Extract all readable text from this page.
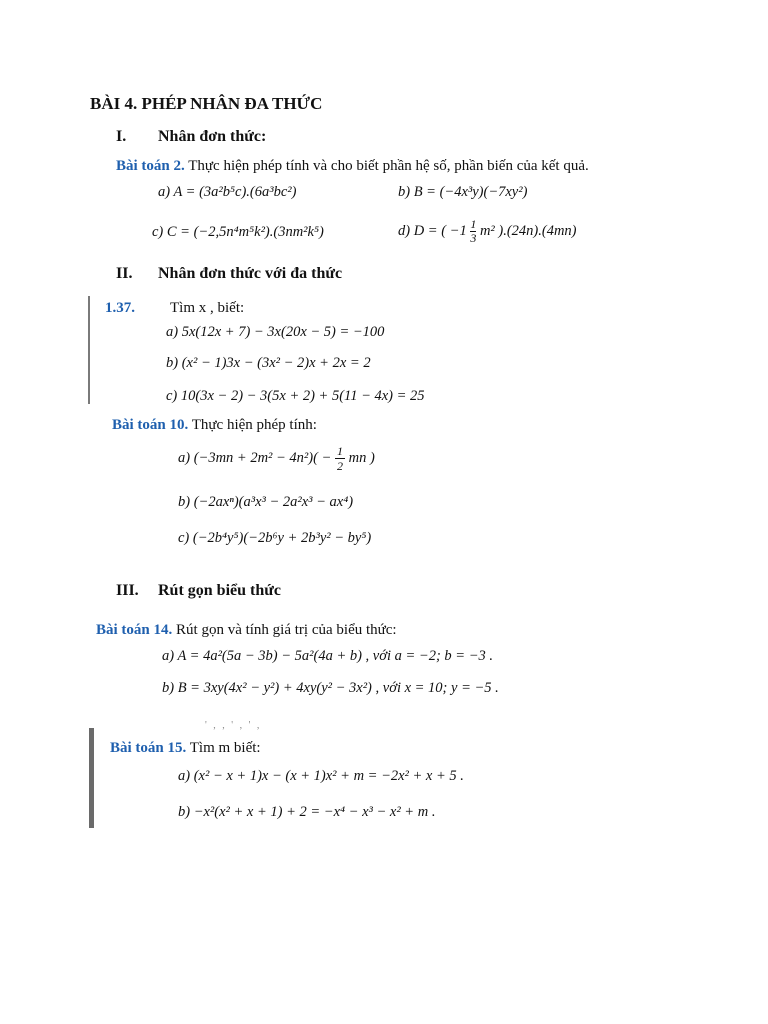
BÀI 4. PHÉP NHÂN ĐA THỨC
I. Nhân đơn thức:
Bài toán 2. Thực hiện phép tính và cho biết phần hệ số, phần biến của kết quả.
a) A = (3a²b⁵c).(6a³bc²)	b) B = (−4x³y)(−7xy²)
c) C = (−2,5n⁴m⁵k²).(3nm²k⁵)	d) D = ( $-1 \frac{1}{3} m^2$ ).(24n).(4mn)
II. Nhân đơn thức với đa thức
1.37. Tìm x , biết:
a) 5x(12x + 7) − 3x(20x − 5) = −100
b) (x² − 1)3x − (3x² − 2)x + 2x = 2
c) 10(3x − 2) − 3(5x + 2) + 5(11 − 4x) = 25
Bài toán 10. Thực hiện phép tính:
a) $(-3mn + 2m^2 - 4n^2)( - \frac{1}{2}$ mn )
b) (−2axⁿ)(a³x³ − 2a²x³ − ax⁴)
c) (−2b⁴y⁵)(−2b⁶y + 2b³y² − by⁵)
III. Rút gọn biểu thức
Bài toán 14. Rút gọn và tính giá trị của biểu thức:
a) A = 4a²(5a − 3b) − 5a²(4a + b) , với a = −2; b = −3 .
b) B = 3xy(4x² − y²) + 4xy(y² − 3x²) , với x = 10; y = −5 .
' , , ' , ' ,
Bài toán 15. Tìm m biết:
a) (x² − x + 1)x − (x + 1)x² + m = −2x² + x + 5 .
b) −x²(x² + x + 1) + 2 = −x⁴ − x³ − x² + m .
